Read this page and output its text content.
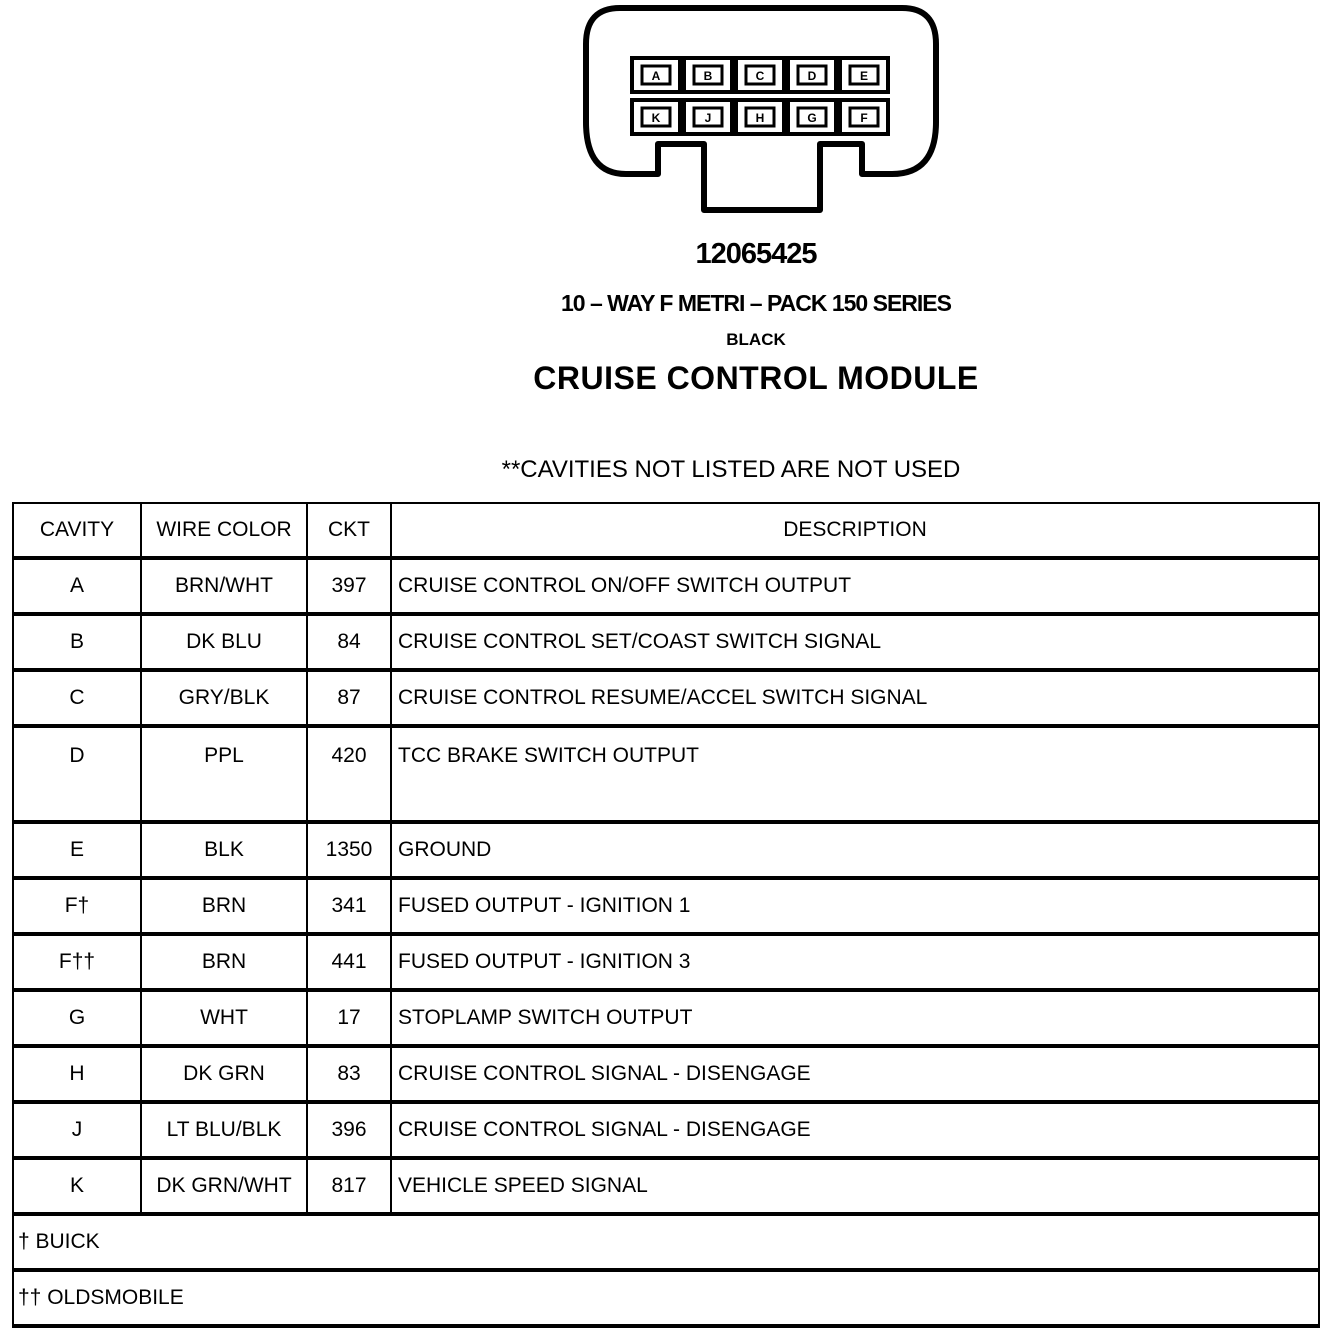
A	B	C	D	E
K	J	H	G	F
12065425
10 – WAY F METRI – PACK 150 SERIES
BLACK
CRUISE CONTROL MODULE
**CAVITIES NOT LISTED ARE NOT USED
CAVITY	WIRE COLOR	CKT	DESCRIPTION
A	BRN/WHT	397	CRUISE CONTROL ON/OFF SWITCH OUTPUT
B	DK BLU	84	CRUISE CONTROL SET/COAST SWITCH SIGNAL
C	GRY/BLK	87	CRUISE CONTROL RESUME/ACCEL SWITCH SIGNAL
D	PPL	420	TCC BRAKE SWITCH OUTPUT
E	BLK	1350	GROUND
F†	BRN	341	FUSED OUTPUT - IGNITION 1
F††	BRN	441	FUSED OUTPUT - IGNITION 3
G	WHT	17	STOPLAMP SWITCH OUTPUT
H	DK GRN	83	CRUISE CONTROL SIGNAL - DISENGAGE
J	LT BLU/BLK	396	CRUISE CONTROL SIGNAL - DISENGAGE
K	DK GRN/WHT	817	VEHICLE SPEED SIGNAL
† BUICK			
†† OLDSMOBILE			
